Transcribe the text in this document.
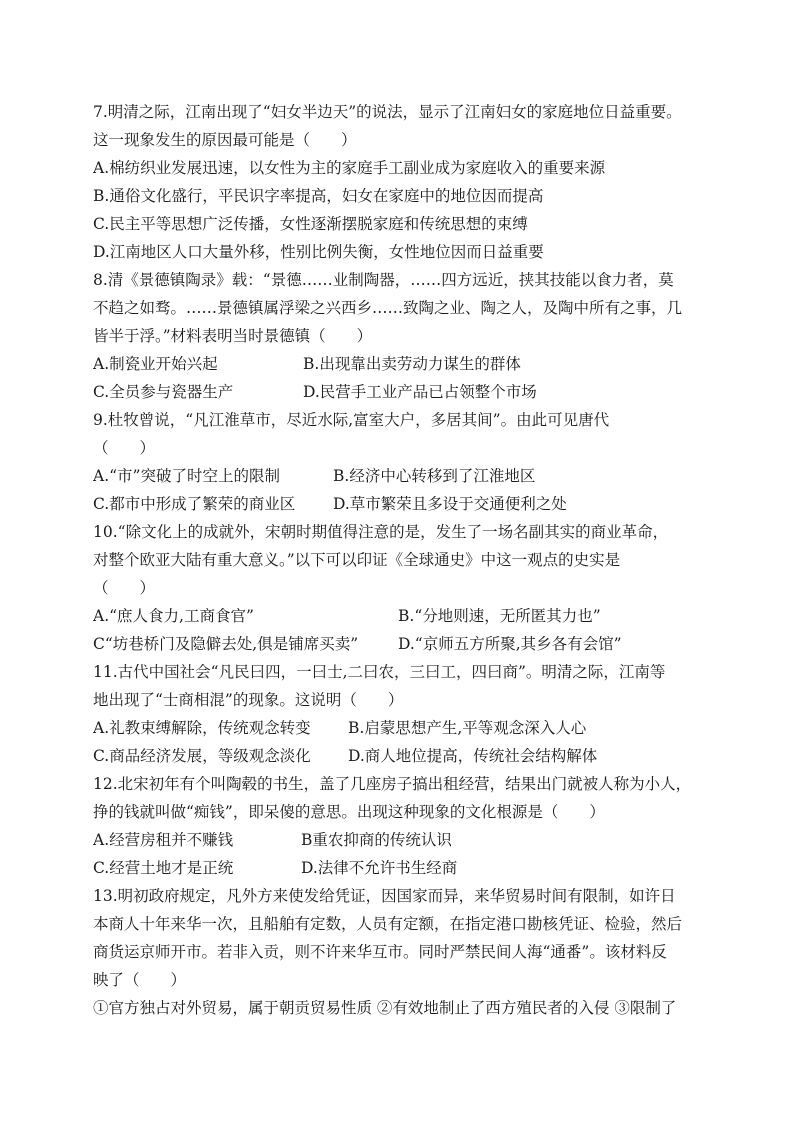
7.明清之际，江南出现了“妇女半边天”的说法，显示了江南妇女的家庭地位日益重要。
这一现象发生的原因最可能是（　　）
A.棉纺织业发展迅速，以女性为主的家庭手工副业成为家庭收入的重要来源
B.通俗文化盛行，平民识字率提高，妇女在家庭中的地位因而提高
C.民主平等思想广泛传播，女性逐渐摆脱家庭和传统思想的束缚
D.江南地区人口大量外移，性别比例失衡，女性地位因而日益重要
8.清《景德镇陶录》载：“景德……业制陶器，……四方远近，挟其技能以食力者，莫
不趋之如骛。……景德镇属浮梁之兴西乡……致陶之业、陶之人，及陶中所有之事，几
皆半于浮。”材料表明当时景德镇（　　）
A.制瓷业开始兴起	B.出现靠出卖劳动力谋生的群体
C.全员参与瓷器生产	D.民营手工业产品已占领整个市场
9.杜牧曾说，“凡江淮草市，尽近水际,富室大户，多居其间”。由此可见唐代
（　　）
A.“市”突破了时空上的限制	B.经济中心转移到了江淮地区
C.都市中形成了繁荣的商业区 D.草市繁荣且多设于交通便利之处
10.“除文化上的成就外，宋朝时期值得注意的是，发生了一场名副其实的商业革命，
对整个欧亚大陆有重大意义。”以下可以印证《全球通史》中这一观点的史实是
（　　）
A.“庶人食力,工商食官”	B.“分地则速，无所匿其力也”
C“坊巷桥门及隐僻去处,俱是铺席买卖”	D.“京师五方所聚,其乡各有会馆”
11.古代中国社会“凡民曰四，一曰士,二曰农，三曰工，四曰商”。明清之际，江南等
地出现了“士商相混”的现象。这说明（　　）
A.礼教束缚解除，传统观念转变 B.启蒙思想产生,平等观念深入人心
C.商品经济发展，等级观念淡化 D.商人地位提高，传统社会结构解体
12.北宋初年有个叫陶毂的书生，盖了几座房子搞出租经营，结果出门就被人称为小人，
挣的钱就叫做“痴钱”，即呆傻的意思。出现这种现象的文化根源是（　　）
A.经营房租并不赚钱	B重农抑商的传统认识
C.经营土地才是正统	D.法律不允许书生经商
13.明初政府规定，凡外方来使发给凭证，因国家而异，来华贸易时间有限制，如许日
本商人十年来华一次，且船舶有定数，人员有定额，在指定港口勘核凭证、检验，然后
商货运京师开市。若非入贡，则不许来华互市。同时严禁民间人海“通番”。该材料反
映了（　　）
①官方独占对外贸易，属于朝贡贸易性质 ②有效地制止了西方殖民者的入侵 ③限制了
